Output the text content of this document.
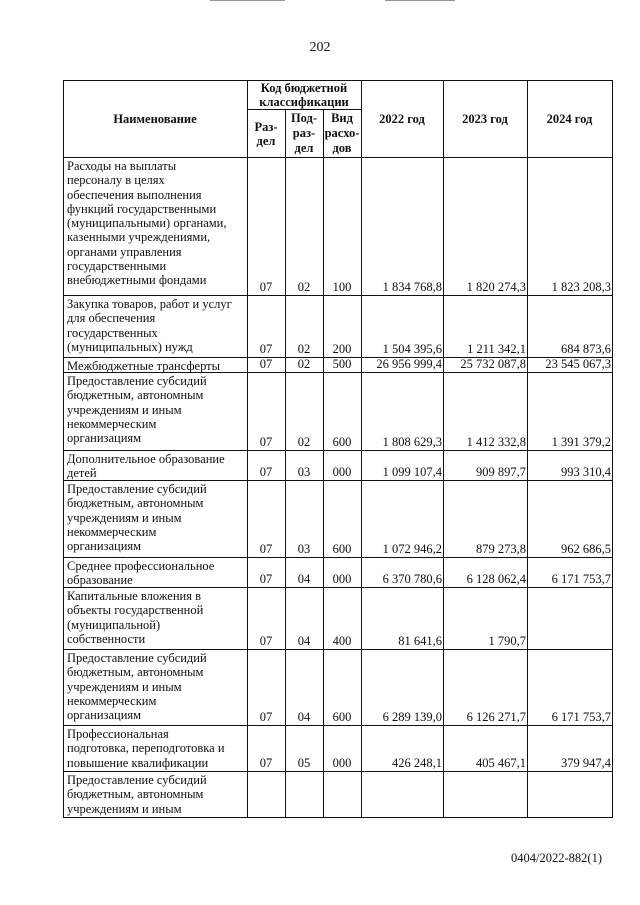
202
Наименование
Код бюджетной классификации
Раз-
дел
Под-
раз-
дел
Вид
расхо-
дов
2022 год	2023 год	2024 год
Расходы на выплаты
персоналу в целях
обеспечения выполнения
функций государственными
(муниципальными) органами,
казенными учреждениями,
органами управления
государственными
внебюджетными фондами	07	02	100	1 834 768,8	1 820 274,3	1 823 208,3
Закупка товаров, работ и услуг
для обеспечения
государственных
(муниципальных) нужд	07	02	200	1 504 395,6	1 211 342,1	684 873,6
Межбюджетные трансферты	07	02	500	26 956 999,4	25 732 087,8	23 545 067,3
Предоставление субсидий
бюджетным, автономным
учреждениям и иным
некоммерческим
организациям	07	02	600	1 808 629,3	1 412 332,8	1 391 379,2
Дополнительное образование
детей	07	03	000	1 099 107,4	909 897,7	993 310,4
Предоставление субсидий
бюджетным, автономным
учреждениям и иным
некоммерческим
организациям	07	03	600	1 072 946,2	879 273,8	962 686,5
Среднее профессиональное
образование	07	04	000	6 370 780,6	6 128 062,4	6 171 753,7
Капитальные вложения в
объекты государственной
(муниципальной)
собственности	07	04	400	81 641,6	1 790,7
Предоставление субсидий
бюджетным, автономным
учреждениям и иным
некоммерческим
организациям	07	04	600	6 289 139,0	6 126 271,7	6 171 753,7
Профессиональная
подготовка, переподготовка и
повышение квалификации	07	05	000	426 248,1	405 467,1	379 947,4
Предоставление субсидий
бюджетным, автономным
учреждениям и иным
0404/2022-882(1)
